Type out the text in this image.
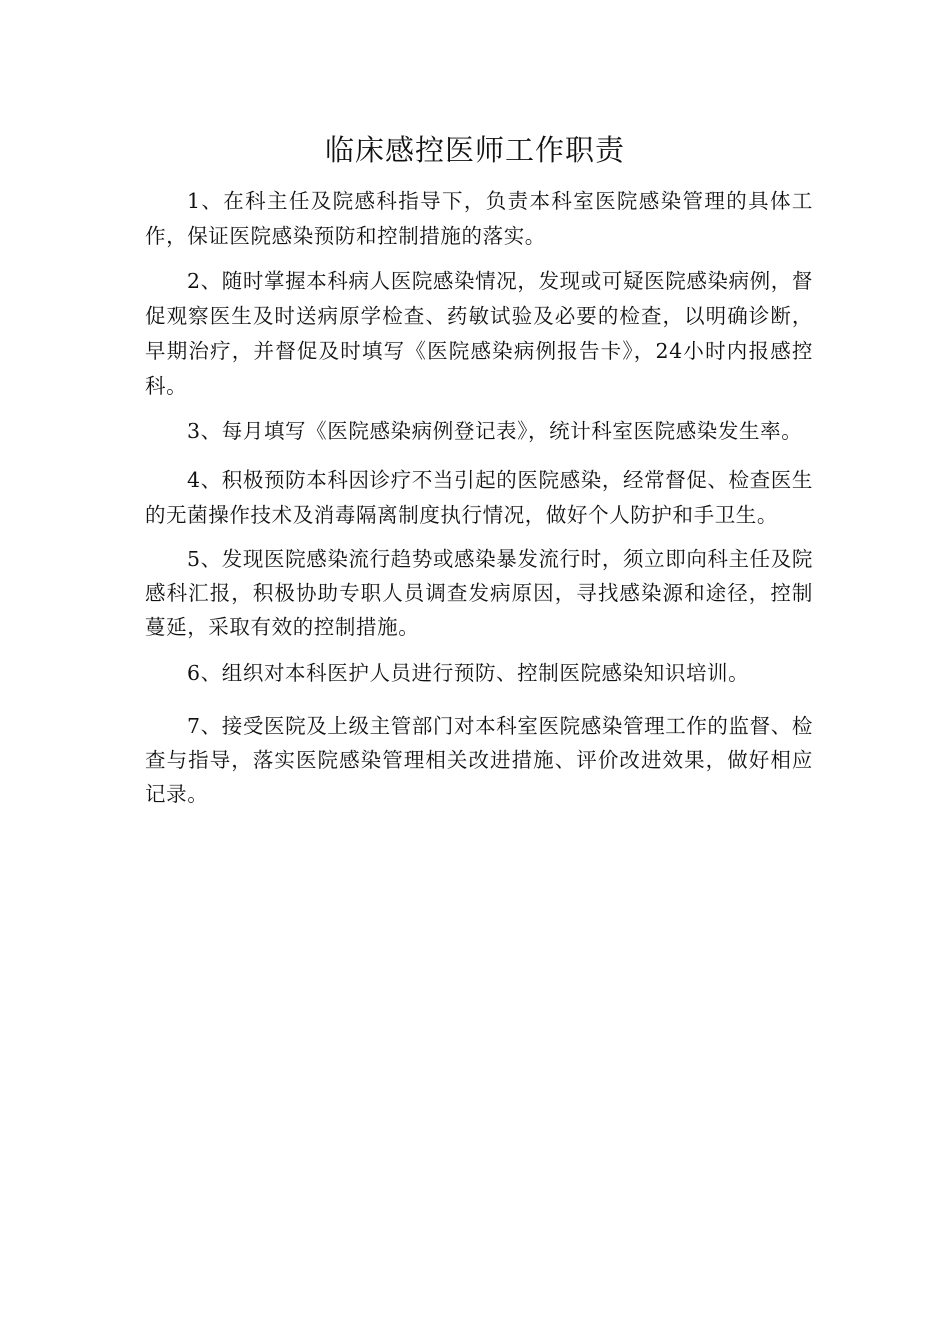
临床感控医师工作职责

1、在科主任及院感科指导下，负责本科室医院感染管理的具体工作，保证医院感染预防和控制措施的落实。

2、随时掌握本科病人医院感染情况，发现或可疑医院感染病例，督促观察医生及时送病原学检查、药敏试验及必要的检查，以明确诊断，早期治疗，并督促及时填写《医院感染病例报告卡》，24小时内报感控科。

3、每月填写《医院感染病例登记表》，统计科室医院感染发生率。

4、积极预防本科因诊疗不当引起的医院感染，经常督促、检查医生的无菌操作技术及消毒隔离制度执行情况，做好个人防护和手卫生。

5、发现医院感染流行趋势或感染暴发流行时，须立即向科主任及院感科汇报，积极协助专职人员调查发病原因，寻找感染源和途径，控制蔓延，采取有效的控制措施。

6、组织对本科医护人员进行预防、控制医院感染知识培训。

7、接受医院及上级主管部门对本科室医院感染管理工作的监督、检查与指导，落实医院感染管理相关改进措施、评价改进效果，做好相应记录。
